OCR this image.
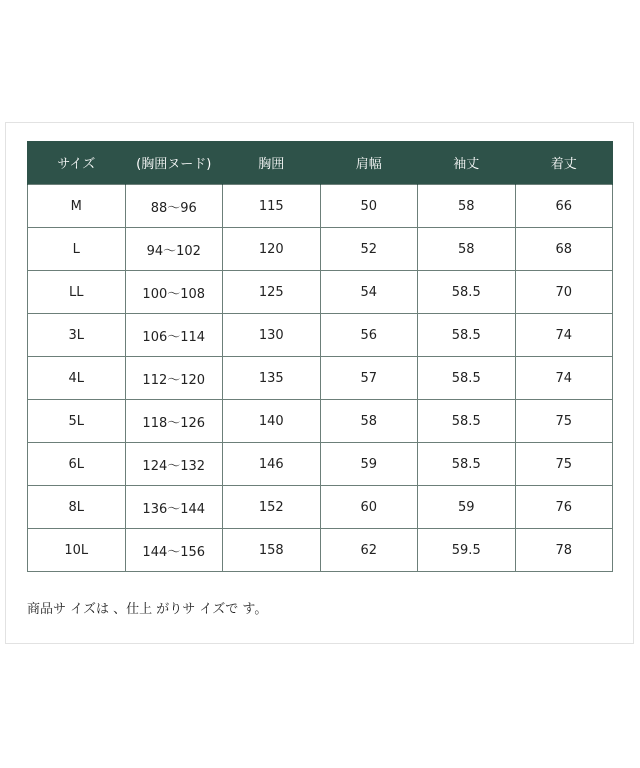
サイズ	(胸囲ヌード)	胸囲	肩幅	袖丈	着丈
M	88〜96	115	50	58	66
L	94〜102	120	52	58	68
LL	100〜108	125	54	58.5	70
3L	106〜114	130	56	58.5	74
4L	112〜120	135	57	58.5	74
5L	118〜126	140	58	58.5	75
6L	124〜132	146	59	58.5	75
8L	136〜144	152	60	59	76
10L	144〜156	158	62	59.5	78
商品サ イズは 、仕上 がりサ イズで す。
